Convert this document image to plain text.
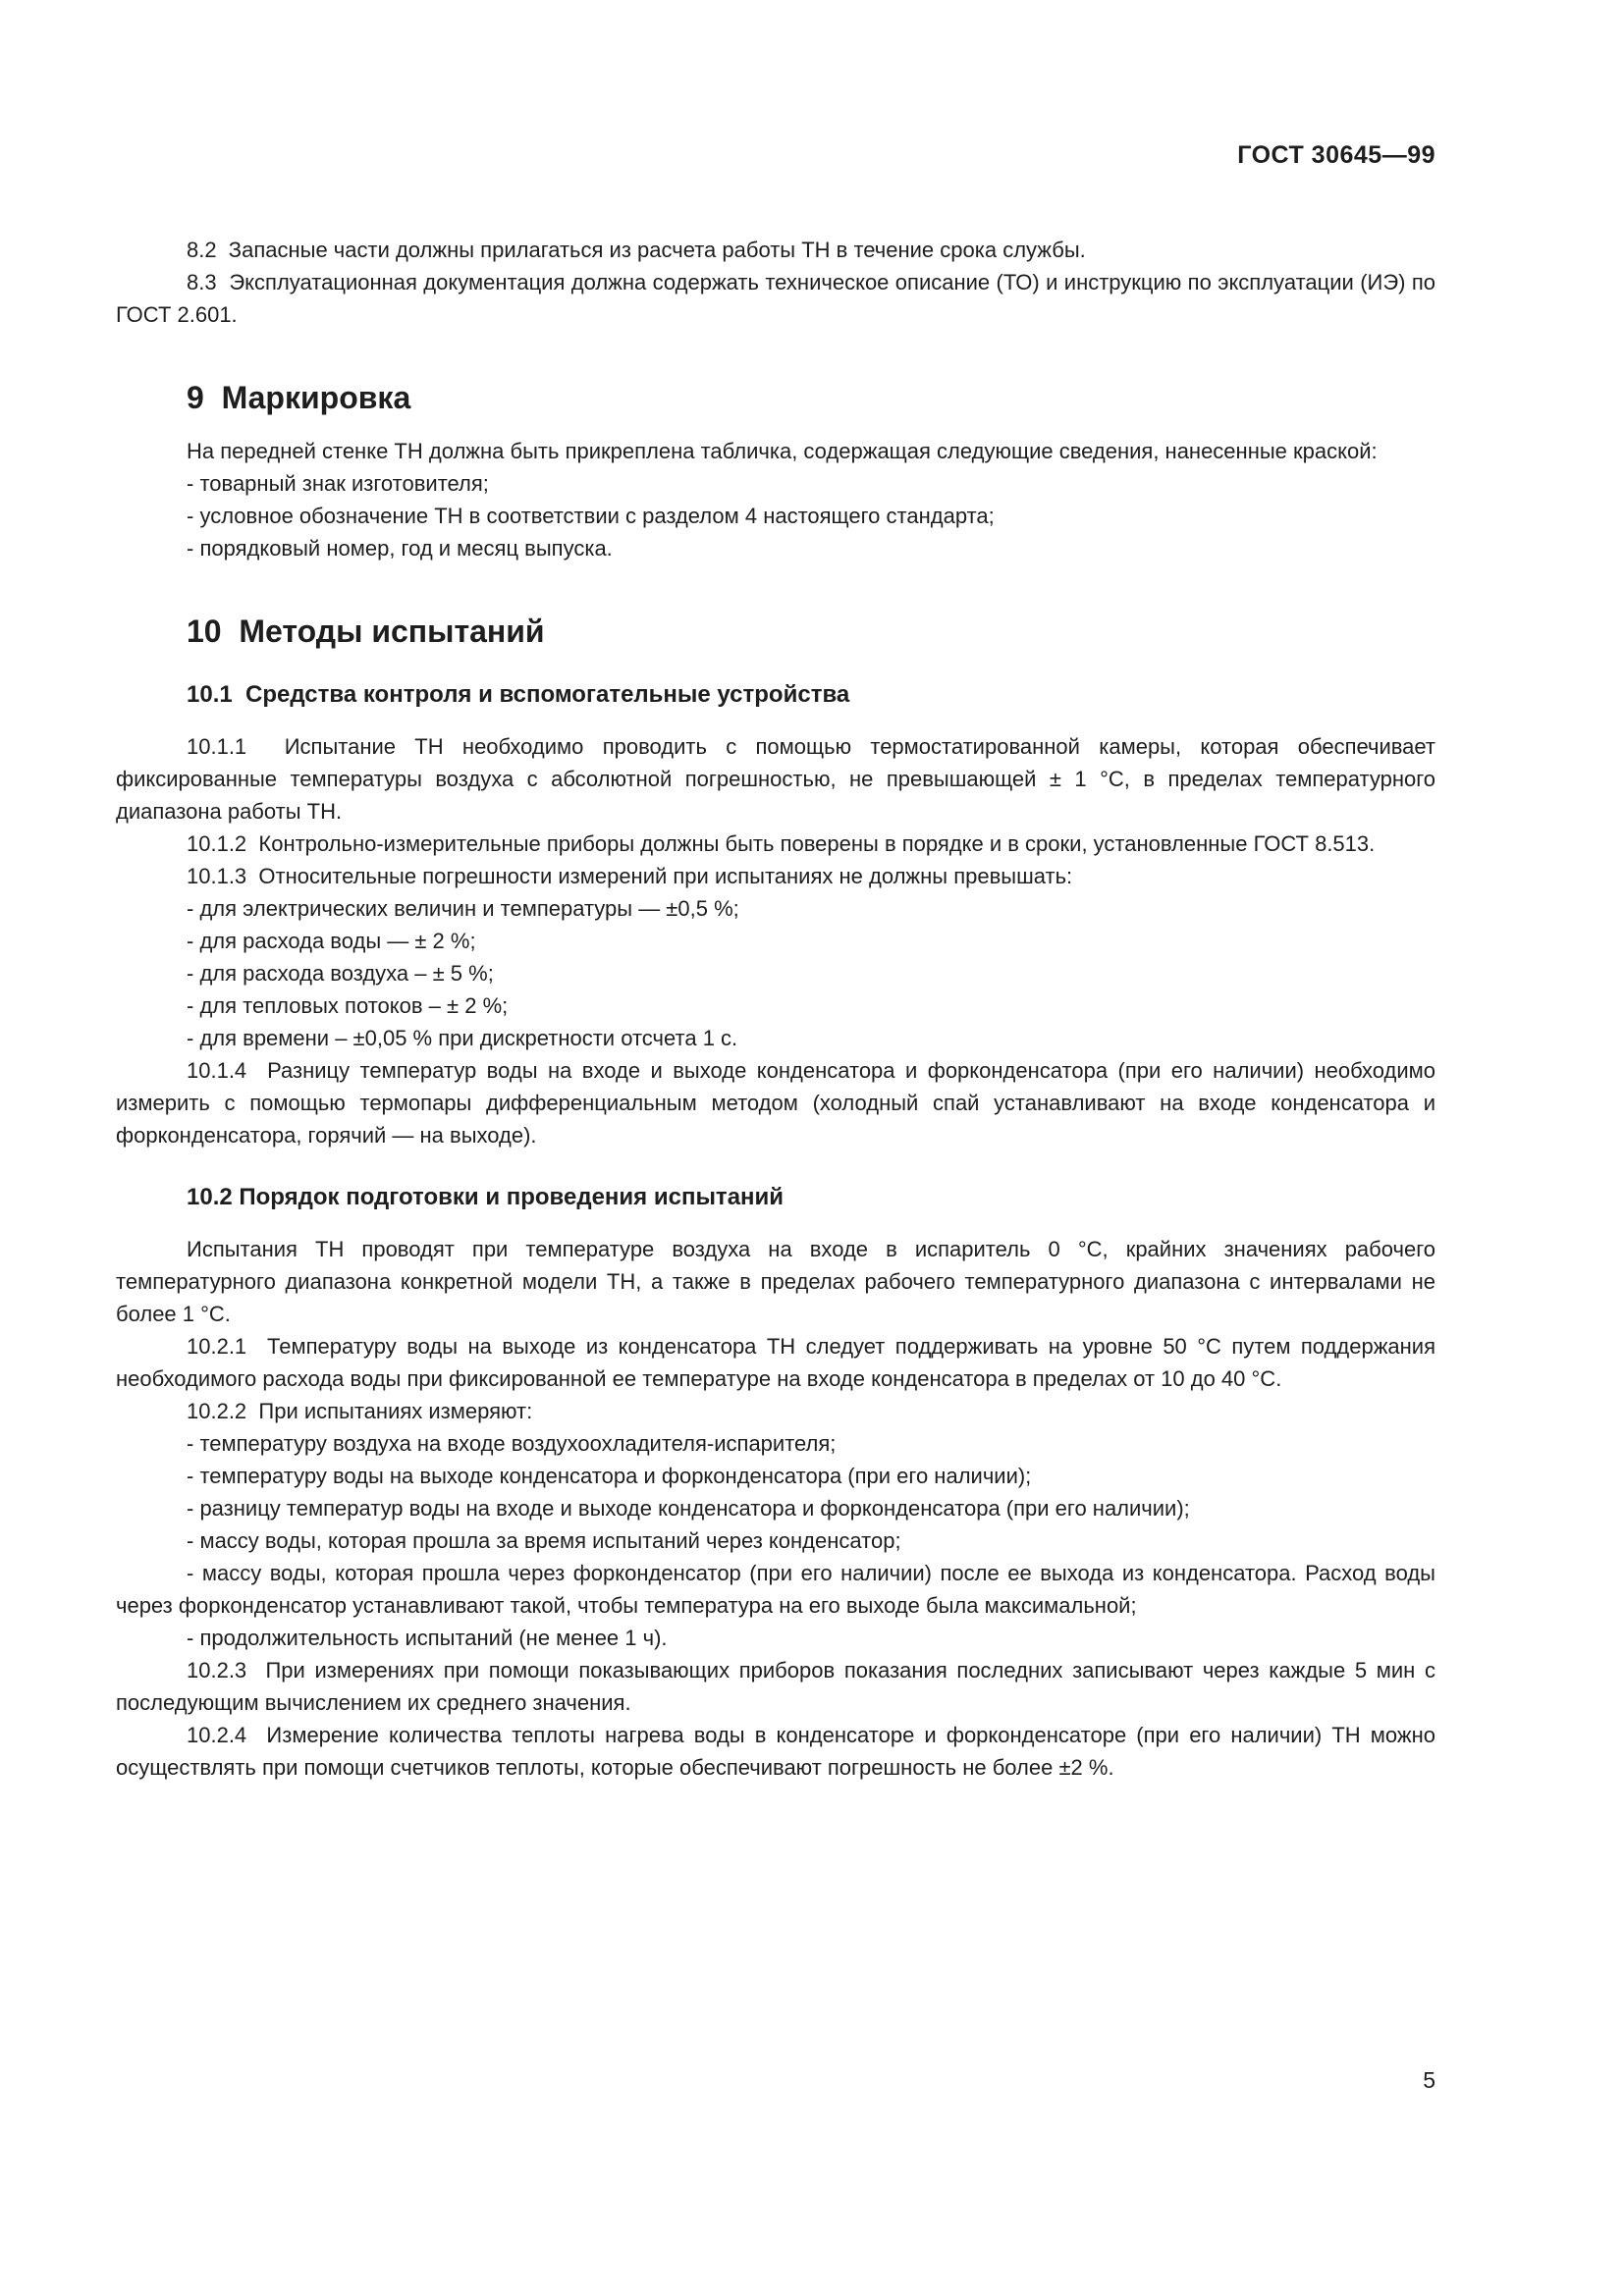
ГОСТ 30645—99
8.2  Запасные части должны прилагаться из расчета работы ТН в течение срока службы.
8.3  Эксплуатационная документация должна содержать техническое описание (ТО) и инструкцию по эксплуатации (ИЭ) по ГОСТ 2.601.
9  Маркировка
На передней стенке ТН должна быть прикреплена табличка, содержащая следующие сведения, нанесенные краской:
- товарный знак изготовителя;
- условное обозначение ТН в соответствии с разделом 4 настоящего стандарта;
- порядковый номер, год и месяц выпуска.
10  Методы испытаний
10.1  Средства контроля и вспомогательные устройства
10.1.1  Испытание ТН необходимо проводить с помощью термостатированной камеры, которая обеспечивает фиксированные температуры воздуха с абсолютной погрешностью, не превышающей ± 1 °С, в пределах температурного диапазона работы ТН.
10.1.2  Контрольно-измерительные приборы должны быть поверены в порядке и в сроки, установленные ГОСТ 8.513.
10.1.3  Относительные погрешности измерений при испытаниях не должны превышать:
- для электрических величин и температуры — ±0,5 %;
- для расхода воды — ± 2 %;
- для расхода воздуха – ± 5 %;
- для тепловых потоков – ± 2 %;
- для времени – ±0,05 % при дискретности отсчета 1 с.
10.1.4  Разницу температур воды на входе и выходе конденсатора и форконденсатора (при его наличии) необходимо измерить с помощью термопары дифференциальным методом (холодный спай устанавливают на входе конденсатора и форконденсатора, горячий — на выходе).
10.2 Порядок подготовки и проведения испытаний
Испытания ТН проводят при температуре воздуха на входе в испаритель 0 °С, крайних значениях рабочего температурного диапазона конкретной модели ТН, а также в пределах рабочего температурного диапазона с интервалами не более 1 °С.
10.2.1  Температуру воды на выходе из конденсатора ТН следует поддерживать на уровне 50 °С путем поддержания необходимого расхода воды при фиксированной ее температуре на входе конденсатора в пределах от 10 до 40 °С.
10.2.2  При испытаниях измеряют:
- температуру воздуха на входе воздухоохладителя-испарителя;
- температуру воды на выходе конденсатора и форконденсатора (при его наличии);
- разницу температур воды на входе и выходе конденсатора и форконденсатора (при его наличии);
- массу воды, которая прошла за время испытаний через конденсатор;
- массу воды, которая прошла через форконденсатор (при его наличии) после ее выхода из конденсатора. Расход воды через форконденсатор устанавливают такой, чтобы температура на его выходе была максимальной;
- продолжительность испытаний (не менее 1 ч).
10.2.3  При измерениях при помощи показывающих приборов показания последних записывают через каждые 5 мин с последующим вычислением их среднего значения.
10.2.4  Измерение количества теплоты нагрева воды в конденсаторе и форконденсаторе (при его наличии) ТН можно осуществлять при помощи счетчиков теплоты, которые обеспечивают погрешность не более ±2 %.
5
